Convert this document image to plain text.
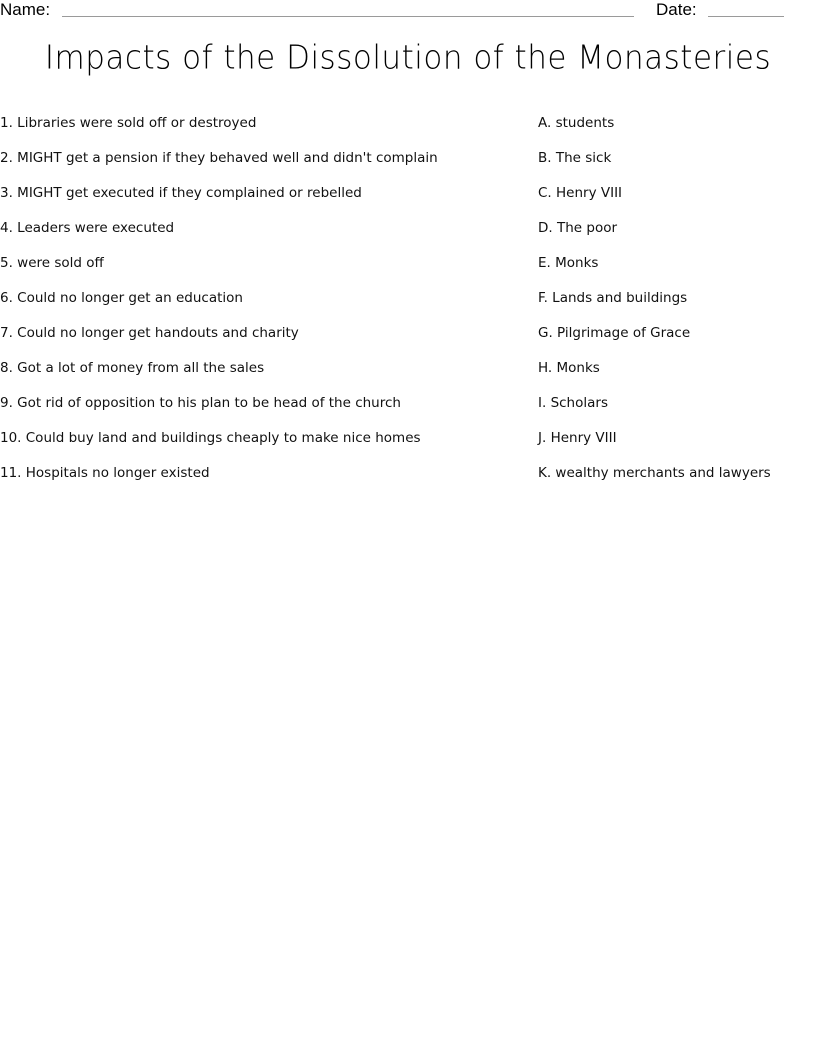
Name:	Date:
Impacts of the Dissolution of the Monasteries
1. Libraries were sold off or destroyed
2. MIGHT get a pension if they behaved well and didn't complain
3. MIGHT get executed if they complained or rebelled
4. Leaders were executed
5. were sold off
6. Could no longer get an education
7. Could no longer get handouts and charity
8. Got a lot of money from all the sales
9. Got rid of opposition to his plan to be head of the church
10. Could buy land and buildings cheaply to make nice homes
11. Hospitals no longer existed
A. students
B. The sick
C. Henry VIII
D. The poor
E. Monks
F. Lands and buildings
G. Pilgrimage of Grace
H. Monks
I. Scholars
J. Henry VIII
K. wealthy merchants and lawyers
